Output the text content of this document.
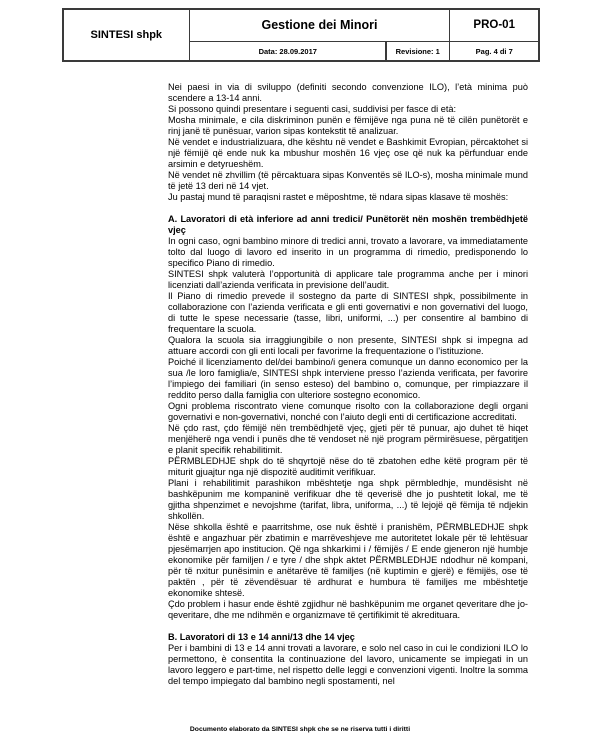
SINTESI shpk
Gestione dei Minori	PRO-01
Data: 28.09.2017	Revisione: 1	Pag. 4 di 7

Nei paesi in via di sviluppo (definiti secondo convenzione ILO), l’età minima può scendere a 13-14 anni.

Si possono quindi presentare i seguenti casi, suddivisi per fasce di età:

Mosha minimale, e cila diskriminon punën e fëmijëve nga puna në të cilën punëtorët e rinj janë të punësuar, varion sipas kontekstit të analizuar.

Në vendet e industrializuara, dhe kështu në vendet e Bashkimit Evropian, përcaktohet si një fëmijë që ende nuk ka mbushur moshën 16 vjeç ose që nuk ka përfunduar ende arsimin e detyrueshëm.

Në vendet në zhvillim (të përcaktuara sipas Konventës së ILO-s), mosha minimale mund të jetë 13 deri në 14 vjet.

Ju pastaj mund të paraqisni rastet e mëposhtme, të ndara sipas klasave të moshës:

A. Lavoratori di età inferiore ad anni tredici/ Punëtorët nën moshën trembëdhjetë vjeç

In ogni caso, ogni bambino minore di tredici anni, trovato a lavorare, va immediatamente tolto dal luogo di lavoro ed inserito in un programma di rimedio, predisponendo lo specifico Piano di rimedio.

SINTESI shpk valuterà l’opportunità di applicare tale programma anche per i minori licenziati dall’azienda verificata in previsione dell’audit.

Il Piano di rimedio prevede il sostegno da parte di SINTESI shpk, possibilmente in collaborazione con l’azienda verificata e gli enti governativi e non governativi del luogo, di tutte le spese necessarie (tasse, libri, uniformi, ...) per consentire al bambino di frequentare la scuola.

Qualora la scuola sia irraggiungibile o non presente, SINTESI shpk si impegna ad attuare accordi con gli enti locali per favorirne la frequentazione o l’istituzione.

Poiché il licenziamento del/dei bambino/i genera comunque un danno economico per la sua /le loro famiglia/e, SINTESI shpk interviene presso l’azienda verificata, per favorire l’impiego dei familiari (in senso esteso) del bambino o, comunque, per rimpiazzare il reddito perso dalla famiglia con ulteriore sostegno economico.

Ogni problema riscontrato viene comunque risolto con la collaborazione degli organi governativi e non-governativi, nonché con l’aiuto degli enti di certificazione accreditati.

Në çdo rast, çdo fëmijë nën trembëdhjetë vjeç, gjeti për të punuar, ajo duhet të hiqet menjëherë nga vendi i punës dhe të vendoset në një program përmirësuese, përgatitjen e planit specifik rehabilitimit.

PËRMBLEDHJE shpk do të shqyrtojë nëse do të zbatohen edhe këtë program për të miturit gjuajtur nga një dispozitë auditimit verifikuar.

Plani i rehabilitimit parashikon mbështetje nga shpk përmbledhje, mundësisht në bashkëpunim me kompaninë verifikuar dhe të qeverisë dhe jo pushtetit lokal, me të gjitha shpenzimet e nevojshme (tarifat, libra, uniforma, ...) të lejojë që fëmija të ndjekin shkollën.

Nëse shkolla është e paarritshme, ose nuk është i pranishëm, PËRMBLEDHJE shpk është e angazhuar për zbatimin e marrëveshjeve me autoritetet lokale për të lehtësuar pjesëmarrjen apo institucion. Që nga shkarkimi i / fëmijës / E ende gjeneron një humbje ekonomike për familjen / e tyre / dhe shpk aktet PËRMBLEDHJE ndodhur në kompani, për të nxitur punësimin e anëtarëve të familjes (në kuptimin e gjerë) e fëmijës, ose të paktën , për të zëvendësuar të ardhurat e humbura të familjes me mbështetje ekonomike shtesë.

Çdo problem i hasur ende është zgjidhur në bashkëpunim me organet qeveritare dhe jo-qeveritare, dhe me ndihmën e organizmave të çertifikimit të akredituara.

B. Lavoratori di 13 e 14 anni/13 dhe 14 vjeç

Per i bambini di 13 e 14 anni trovati a lavorare, e solo nel caso in cui le condizioni ILO lo permettono, è consentita la continuazione del lavoro, unicamente se impiegati in un lavoro leggero e part-time, nel rispetto delle leggi e convenzioni vigenti. Inoltre la somma del tempo impiegato dal bambino negli spostamenti, nel

Documento elaborato da SINTESI shpk che se ne riserva tutti i diritti
